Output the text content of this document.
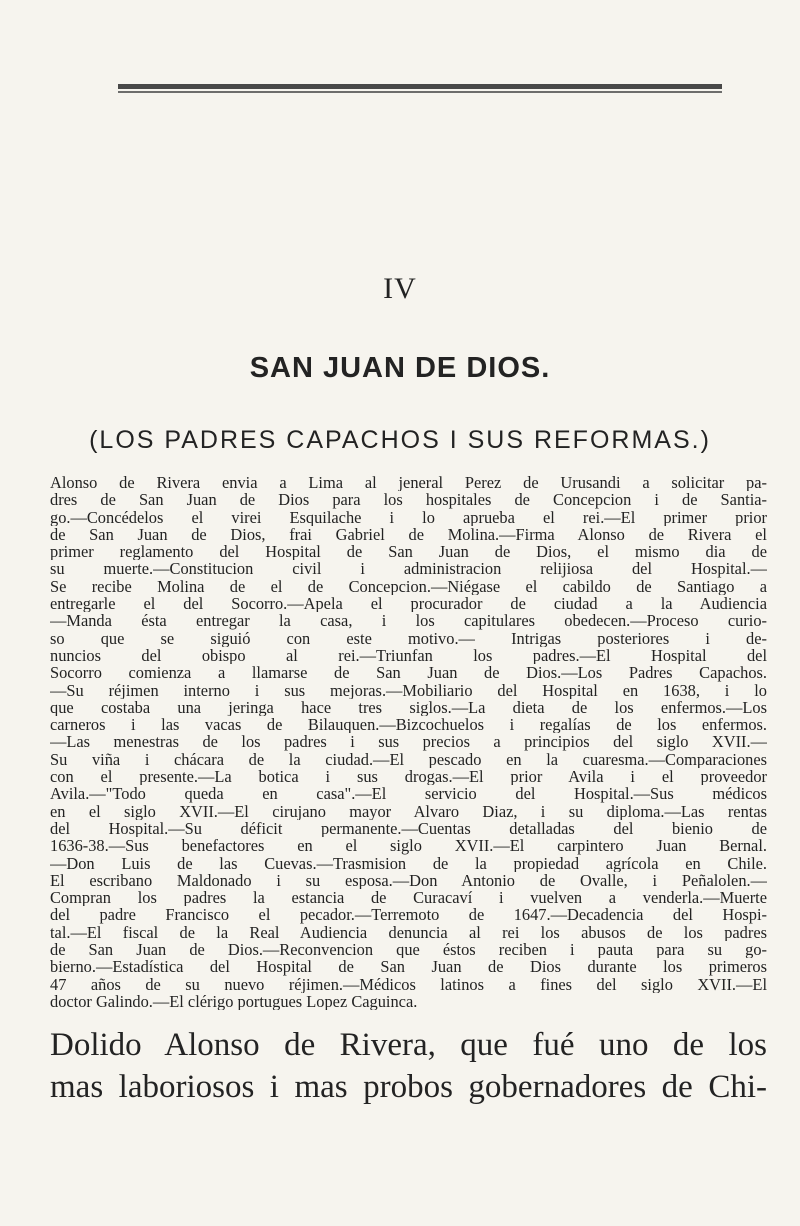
IV
SAN JUAN DE DIOS.
(LOS PADRES CAPACHOS I SUS REFORMAS.)
Alonso de Rivera envia a Lima al jeneral Perez de Urusandi a solicitar pa-
dres de San Juan de Dios para los hospitales de Concepcion i de Santia-
go.—Concédelos el virei Esquilache i lo aprueba el rei.—El primer prior
de San Juan de Dios, frai Gabriel de Molina.—Firma Alonso de Rivera el
primer reglamento del Hospital de San Juan de Dios, el mismo dia de
su muerte.—Constitucion civil i administracion relijiosa del Hospital.—
Se recibe Molina de el de Concepcion.—Niégase el cabildo de Santiago a
entregarle el del Socorro.—Apela el procurador de ciudad a la Audiencia
—Manda ésta entregar la casa, i los capitulares obedecen.—Proceso curio-
so que se siguió con este motivo.— Intrigas posteriores i de-
nuncios del obispo al rei.—Triunfan los padres.—El Hospital del
Socorro comienza a llamarse de San Juan de Dios.—Los Padres Capachos.
—Su réjimen interno i sus mejoras.—Mobiliario del Hospital en 1638, i lo
que costaba una jeringa hace tres siglos.—La dieta de los enfermos.—Los
carneros i las vacas de Bilauquen.—Bizcochuelos i regalías de los enfermos.
—Las menestras de los padres i sus precios a principios del siglo XVII.—
Su viña i chácara de la ciudad.—El pescado en la cuaresma.—Comparaciones
con el presente.—La botica i sus drogas.—El prior Avila i el proveedor
Avila.—"Todo queda en casa".—El servicio del Hospital.—Sus médicos
en el siglo XVII.—El cirujano mayor Alvaro Diaz, i su diploma.—Las rentas
del Hospital.—Su déficit permanente.—Cuentas detalladas del bienio de
1636-38.—Sus benefactores en el siglo XVII.—El carpintero Juan Bernal.
—Don Luis de las Cuevas.—Trasmision de la propiedad agrícola en Chile.
El escribano Maldonado i su esposa.—Don Antonio de Ovalle, i Peñalolen.—
Compran los padres la estancia de Curacaví i vuelven a venderla.—Muerte
del padre Francisco el pecador.—Terremoto de 1647.—Decadencia del Hospi-
tal.—El fiscal de la Real Audiencia denuncia al rei los abusos de los padres
de San Juan de Dios.—Reconvencion que éstos reciben i pauta para su go-
bierno.—Estadística del Hospital de San Juan de Dios durante los primeros
47 años de su nuevo réjimen.—Médicos latinos a fines del siglo XVII.—El
doctor Galindo.—El clérigo portugues Lopez Caguinca.
Dolido Alonso de Rivera, que fué uno de los
mas laboriosos i mas probos gobernadores de Chi-
